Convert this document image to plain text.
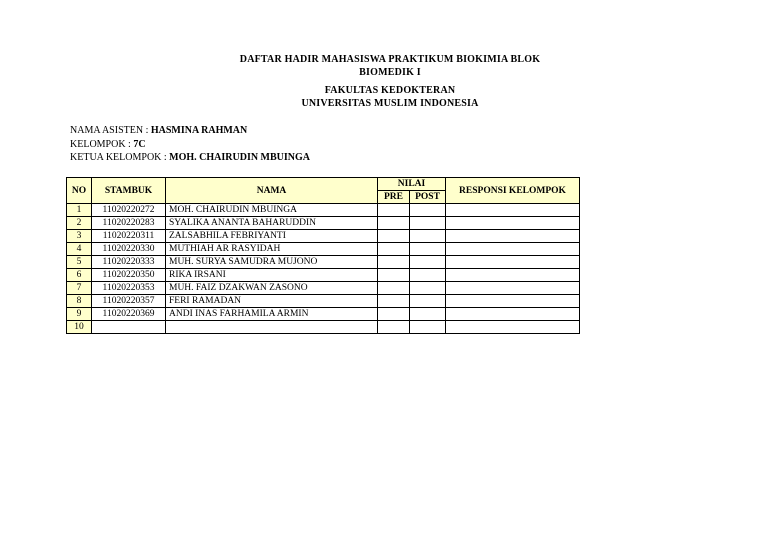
DAFTAR HADIR MAHASISWA PRAKTIKUM BIOKIMIA BLOK
BIOMEDIK I
FAKULTAS KEDOKTERAN
UNIVERSITAS MUSLIM INDONESIA
NAMA ASISTEN : HASMINA RAHMAN
KELOMPOK : 7C
KETUA KELOMPOK : MOH. CHAIRUDIN MBUINGA
NO	STAMBUK	NAMA	NILAI		RESPONSI KELOMPOK
			PRE	POST	
1	11020220272	MOH. CHAIRUDIN MBUINGA			
2	11020220283	SYALIKA ANANTA BAHARUDDIN			
3	11020220311	ZALSABHILA FEBRIYANTI			
4	11020220330	MUTHIAH AR RASYIDAH			
5	11020220333	MUH. SURYA SAMUDRA MUJONO			
6	11020220350	RIKA IRSANI			
7	11020220353	MUH. FAIZ DZAKWAN ZASONO			
8	11020220357	FERI RAMADAN			
9	11020220369	ANDI INAS FARHAMILA ARMIN			
10					
